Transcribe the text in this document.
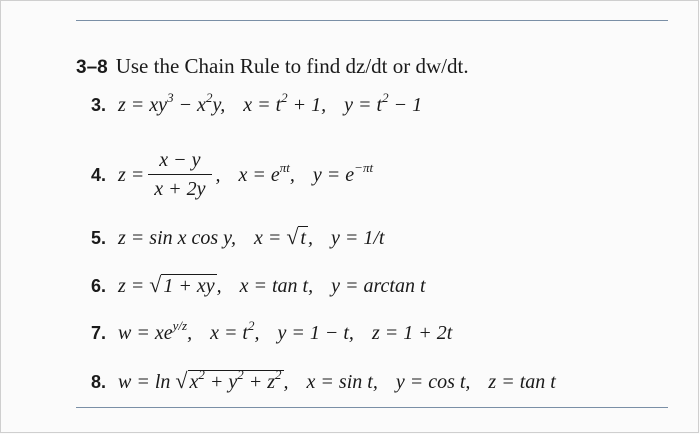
3–8 Use the Chain Rule to find dz/dt or dw/dt.
3. $z = xy^3 - x^2y$, $x = t^2 + 1$, $y = t^2 - 1$
4. $z = \frac{x - y}{x + 2y}$ , $x = e^{\pi t}$, $y = e^{-\pi t}$
5. z = sin x cos y, x = √ t , y = 1/t
6. z = √ 1 + xy , x = tan t, y = arctan t
7. $w = xe^{y/z}$, $x = t^2$, y = 1 − t, z = 1 + 2t
8. w = ln √ $x^2 + y^2 + z^2$ , x = sin t, y = cos t, z = tan t
